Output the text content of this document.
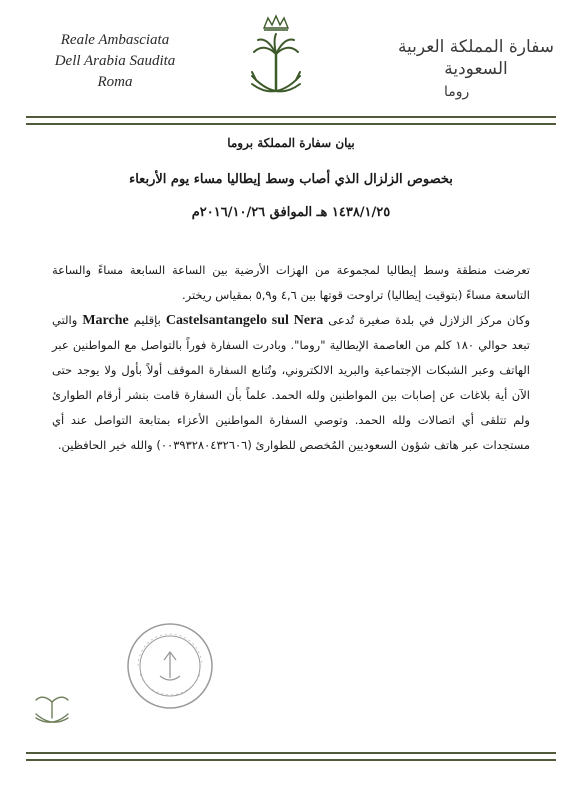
Reale Ambasciata
Dell Arabia Saudita
Roma
سفارة المملكة العربية السعودية
روما
بيان سفارة المملكة بروما
بخصوص الزلزال الذي أصاب وسط إيطاليا مساء يوم الأربعاء
١٤٣٨/١/٢٥ هـ الموافق ٢٠١٦/١٠/٢٦م

تعرضت منطقة وسط إيطاليا لمجموعة من الهزات الأرضية بين الساعة السابعة مساءً والساعة التاسعة مساءً (بتوقيت إيطاليا) تراوحت قوتها بين ٤,٦ و٥,٩ بمقياس ريختر.

وكان مركز الزلازل في بلدة صغيرة تُدعى Castelsantangelo sul Nera بإقليم Marche والتي تبعد حوالي ١٨٠ كلم من العاصمة الإيطالية "روما". وبادرت السفارة فوراً بالتواصل مع المواطنين عبر الهاتف وعبر الشبكات الإجتماعية والبريد الالكتروني، وتُتابع السفارة الموقف أولاً بأول ولا يوجد حتى الآن أية بلاغات عن إصابات بين المواطنين ولله الحمد. علماً بأن السفارة قامت بنشر أرقام الطوارئ ولم تتلقى أي اتصالات ولله الحمد. وتوصي السفارة المواطنين الأعزاء بمتابعة التواصل عند أي مستجدات عبر هاتف شؤون السعوديين المُخصص للطوارئ (٠٠٣٩٣٢٨٠٤٣٢٦٠٦) والله خير الحافظين.
